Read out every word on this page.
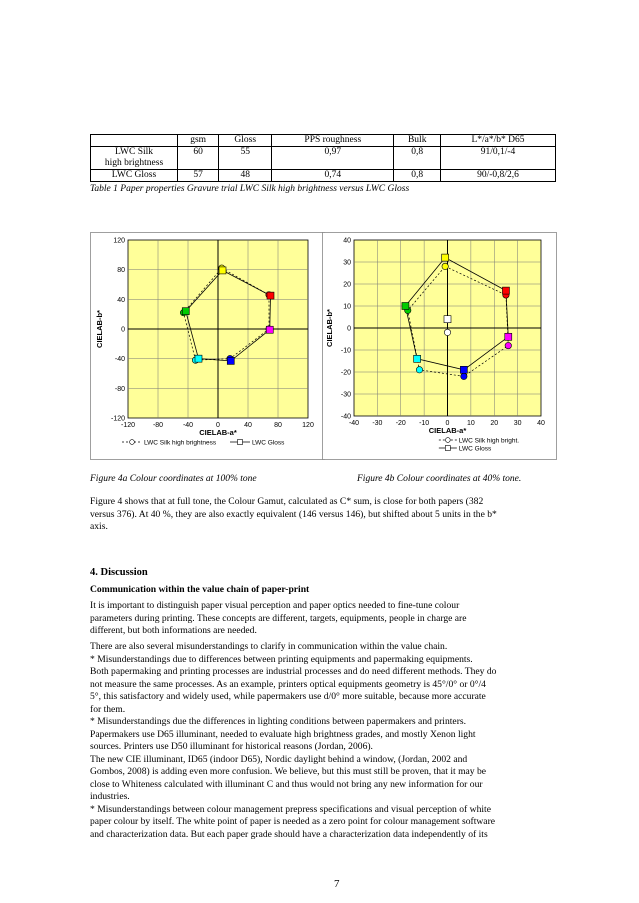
	gsm	Gloss	PPS roughness	Bulk	L*/a*/b* D65

LWC Silk
high brightness	60	55	0,97	0,8	91/0,1/-4
LWC Gloss	57	48	0,74	0,8	90/-0,8/2,6
Table 1 Paper properties Gravure trial LWC Silk high brightness versus LWC Gloss
-120	-80	-40	0	40	80	120
120
80
40
0
-40
-80
-120
CIELAB-a*
CIELAB-b*
LWC Silk high brightness	LWC Gloss
-40 -30 -20 -10 0	10 20 30 40
40
30
20
10
0
-10
-20
-30
-40
CIELAB-a*
CIELAB-b*
LWC Silk high bright.
LWC Gloss
Figure 4a Colour coordinates at 100% tone	Figure 4b Colour coordinates at 40% tone.
Figure 4 shows that at full tone, the Colour Gamut, calculated as C* sum, is close for both papers (382
versus 376). At 40 %, they are also exactly equivalent (146 versus 146), but shifted about 5 units in the b*
axis.
4. Discussion
Communication within the value chain of paper-print
It is important to distinguish paper visual perception and paper optics needed to fine-tune colour
parameters during printing. These concepts are different, targets, equipments, people in charge are
different, but both informations are needed.
There are also several misunderstandings to clarify in communication within the value chain.
* Misunderstandings due to differences between printing equipments and papermaking equipments.
Both papermaking and printing processes are industrial processes and do need different methods. They do
not measure the same processes. As an example, printers optical equipments geometry is 45°/0° or 0°/4
5°, this satisfactory and widely used, while papermakers use d/0° more suitable, because more accurate
for them.
* Misunderstandings due the differences in lighting conditions between papermakers and printers.
Papermakers use D65 illuminant, needed to evaluate high brightness grades, and mostly Xenon light
sources. Printers use D50 illuminant for historical reasons (Jordan, 2006).
The new CIE illuminant, ID65 (indoor D65), Nordic daylight behind a window, (Jordan, 2002 and
Gombos, 2008) is adding even more confusion. We believe, but this must still be proven, that it may be
close to Whiteness calculated with illuminant C and thus would not bring any new information for our
industries.
* Misunderstandings between colour management prepress specifications and visual perception of white
paper colour by itself. The white point of paper is needed as a zero point for colour management software
and characterization data. But each paper grade should have a characterization data independently of its
7
